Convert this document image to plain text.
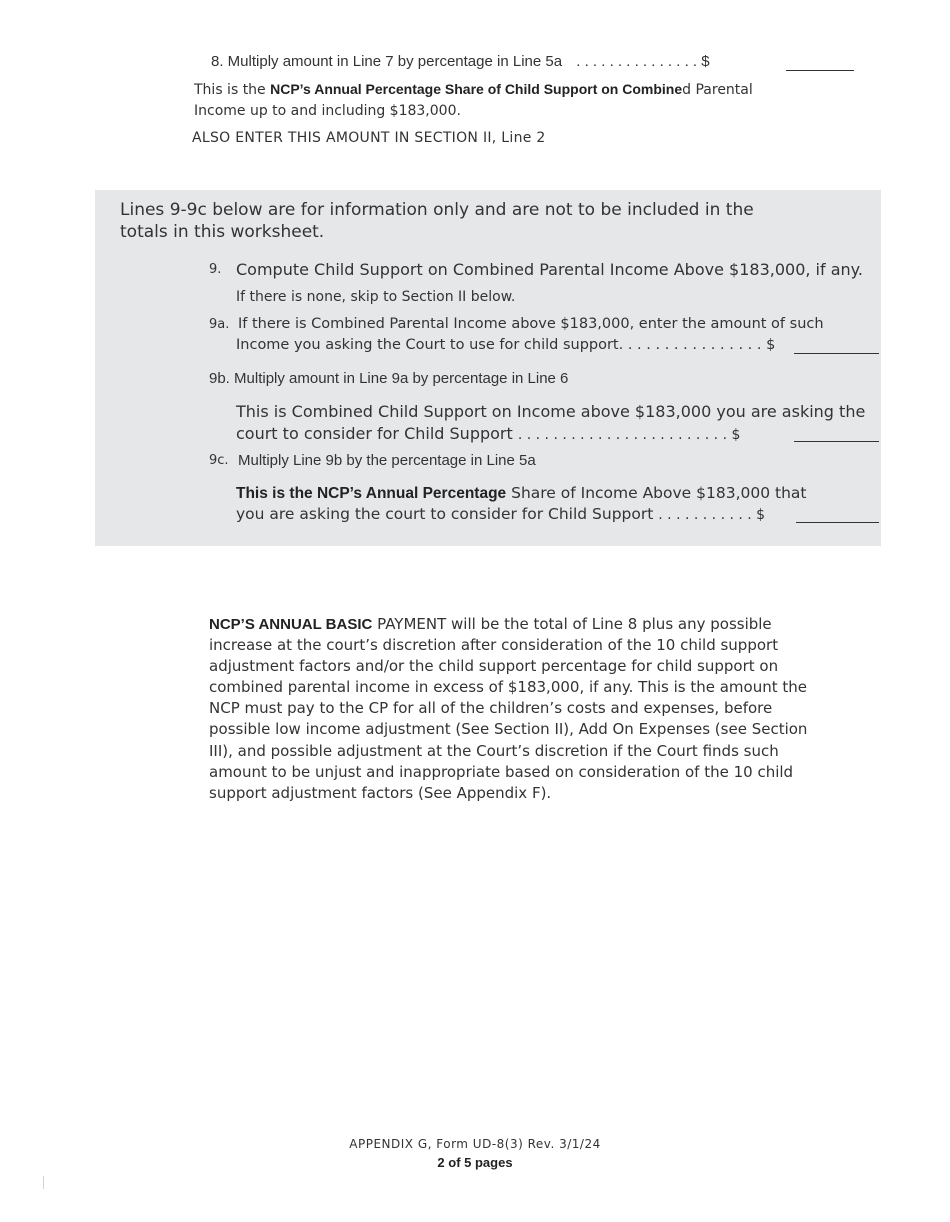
8. Multiply amount in Line 7 by percentage in Line 5a . . . . . . . . . . . . . . . $
This is the NCP’s Annual Percentage Share of Child Support on Combined Parental
Income up to and including $183,000.
ALSO ENTER THIS AMOUNT IN SECTION II, Line 2
Lines 9-9c below are for information only and are not to be included in the
totals in this worksheet.
9. Compute Child Support on Combined Parental Income Above $183,000, if any.
If there is none, skip to Section II below.
9a. If there is Combined Parental Income above $183,000, enter the amount of such
Income you asking the Court to use for child support. . . . . . . . . . . . . . . . $
9b. Multiply amount in Line 9a by percentage in Line 6
This is Combined Child Support on Income above $183,000 you are asking the
court to consider for Child Support . . . . . . . . . . . . . . . . . . . . . . . . $
9c. Multiply Line 9b by the percentage in Line 5a
This is the NCP’s Annual Percentage Share of Income Above $183,000 that
you are asking the court to consider for Child Support . . . . . . . . . . . $
NCP’S ANNUAL BASIC PAYMENT will be the total of Line 8 plus any possible
increase at the court’s discretion after consideration of the 10 child support
adjustment factors and/or the child support percentage for child support on
combined parental income in excess of $183,000, if any. This is the amount the
NCP must pay to the CP for all of the children’s costs and expenses, before
possible low income adjustment (See Section II), Add On Expenses (see Section
III), and possible adjustment at the Court’s discretion if the Court finds such
amount to be unjust and inappropriate based on consideration of the 10 child
support adjustment factors (See Appendix F).
APPENDIX G, Form UD-8(3) Rev. 3/1/24
2 of 5 pages
